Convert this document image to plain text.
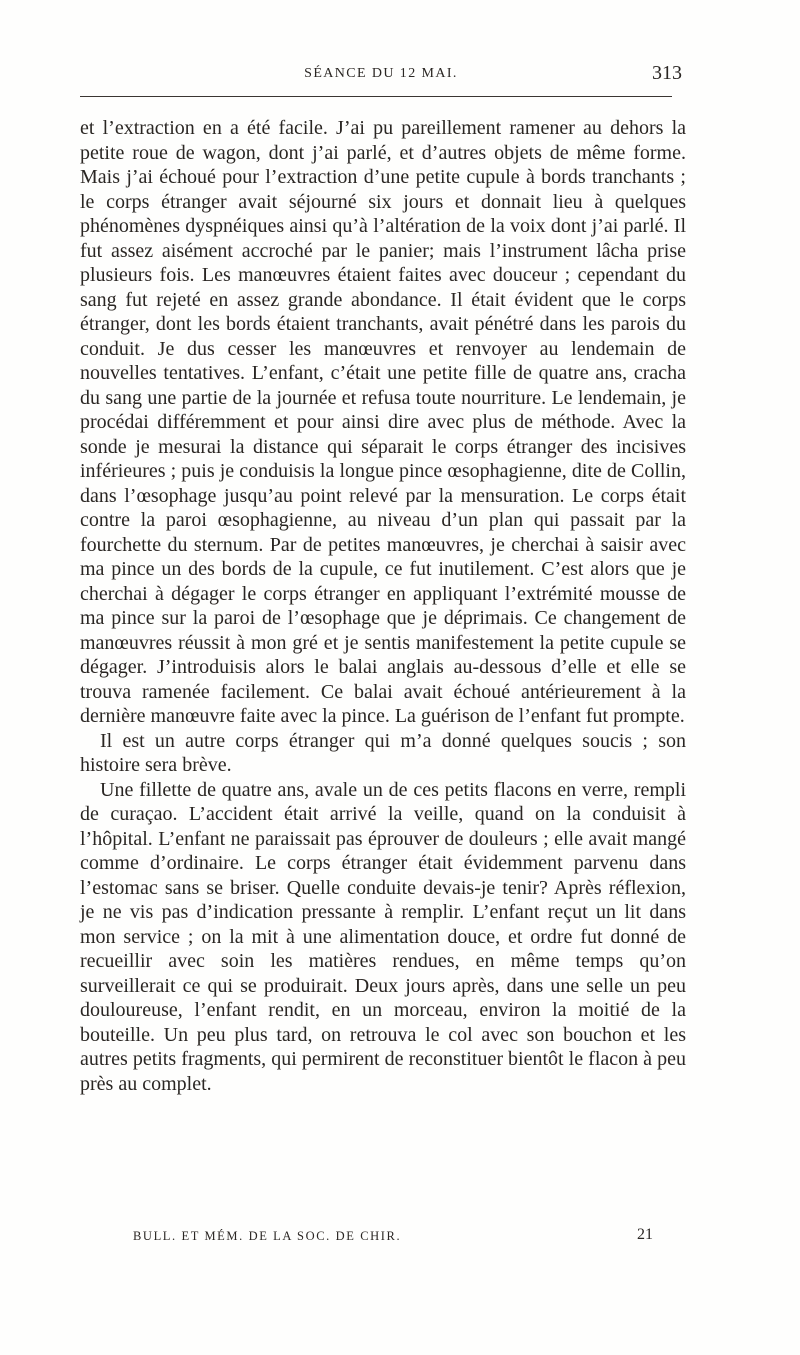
SÉANCE DU 12 MAI.	313

et l’extraction en a été facile. J’ai pu pareillement ramener au dehors la petite roue de wagon, dont j’ai parlé, et d’autres objets de même forme. Mais j’ai échoué pour l’extraction d’une petite cupule à bords tranchants ; le corps étranger avait séjourné six jours et donnait lieu à quelques phénomènes dyspnéiques ainsi qu’à l’altération de la voix dont j’ai parlé. Il fut assez aisément accroché par le panier; mais l’instrument lâcha prise plusieurs fois. Les manœuvres étaient faites avec douceur ; cependant du sang fut rejeté en assez grande abondance. Il était évident que le corps étranger, dont les bords étaient tranchants, avait pénétré dans les parois du conduit. Je dus cesser les manœuvres et renvoyer au lendemain de nouvelles tentatives. L’enfant, c’était une petite fille de quatre ans, cracha du sang une partie de la journée et refusa toute nourriture. Le lendemain, je procédai différemment et pour ainsi dire avec plus de méthode. Avec la sonde je mesurai la distance qui séparait le corps étranger des incisives inférieures ; puis je conduisis la longue pince œsophagienne, dite de Collin, dans l’œsophage jusqu’au point relevé par la mensuration. Le corps était contre la paroi œsophagienne, au niveau d’un plan qui passait par la fourchette du sternum. Par de petites manœuvres, je cherchai à saisir avec ma pince un des bords de la cupule, ce fut inutilement. C’est alors que je cherchai à dégager le corps étranger en appliquant l’extrémité mousse de ma pince sur la paroi de l’œsophage que je déprimais. Ce changement de manœuvres réussit à mon gré et je sentis manifestement la petite cupule se dégager. J’introduisis alors le balai anglais au-dessous d’elle et elle se trouva ramenée facilement. Ce balai avait échoué antérieurement à la dernière manœuvre faite avec la pince. La guérison de l’enfant fut prompte.

Il est un autre corps étranger qui m’a donné quelques soucis ; son histoire sera brève.

Une fillette de quatre ans, avale un de ces petits flacons en verre, rempli de curaçao. L’accident était arrivé la veille, quand on la conduisit à l’hôpital. L’enfant ne paraissait pas éprouver de douleurs ; elle avait mangé comme d’ordinaire. Le corps étranger était évidemment parvenu dans l’estomac sans se briser. Quelle conduite devais-je tenir? Après réflexion, je ne vis pas d’indication pressante à remplir. L’enfant reçut un lit dans mon service ; on la mit à une alimentation douce, et ordre fut donné de recueillir avec soin les matières rendues, en même temps qu’on surveillerait ce qui se produirait. Deux jours après, dans une selle un peu douloureuse, l’enfant rendit, en un morceau, environ la moitié de la bouteille. Un peu plus tard, on retrouva le col avec son bouchon et les autres petits fragments, qui permirent de reconstituer bientôt le flacon à peu près au complet.

BULL. ET MÉM. DE LA SOC. DE CHIR.	21
